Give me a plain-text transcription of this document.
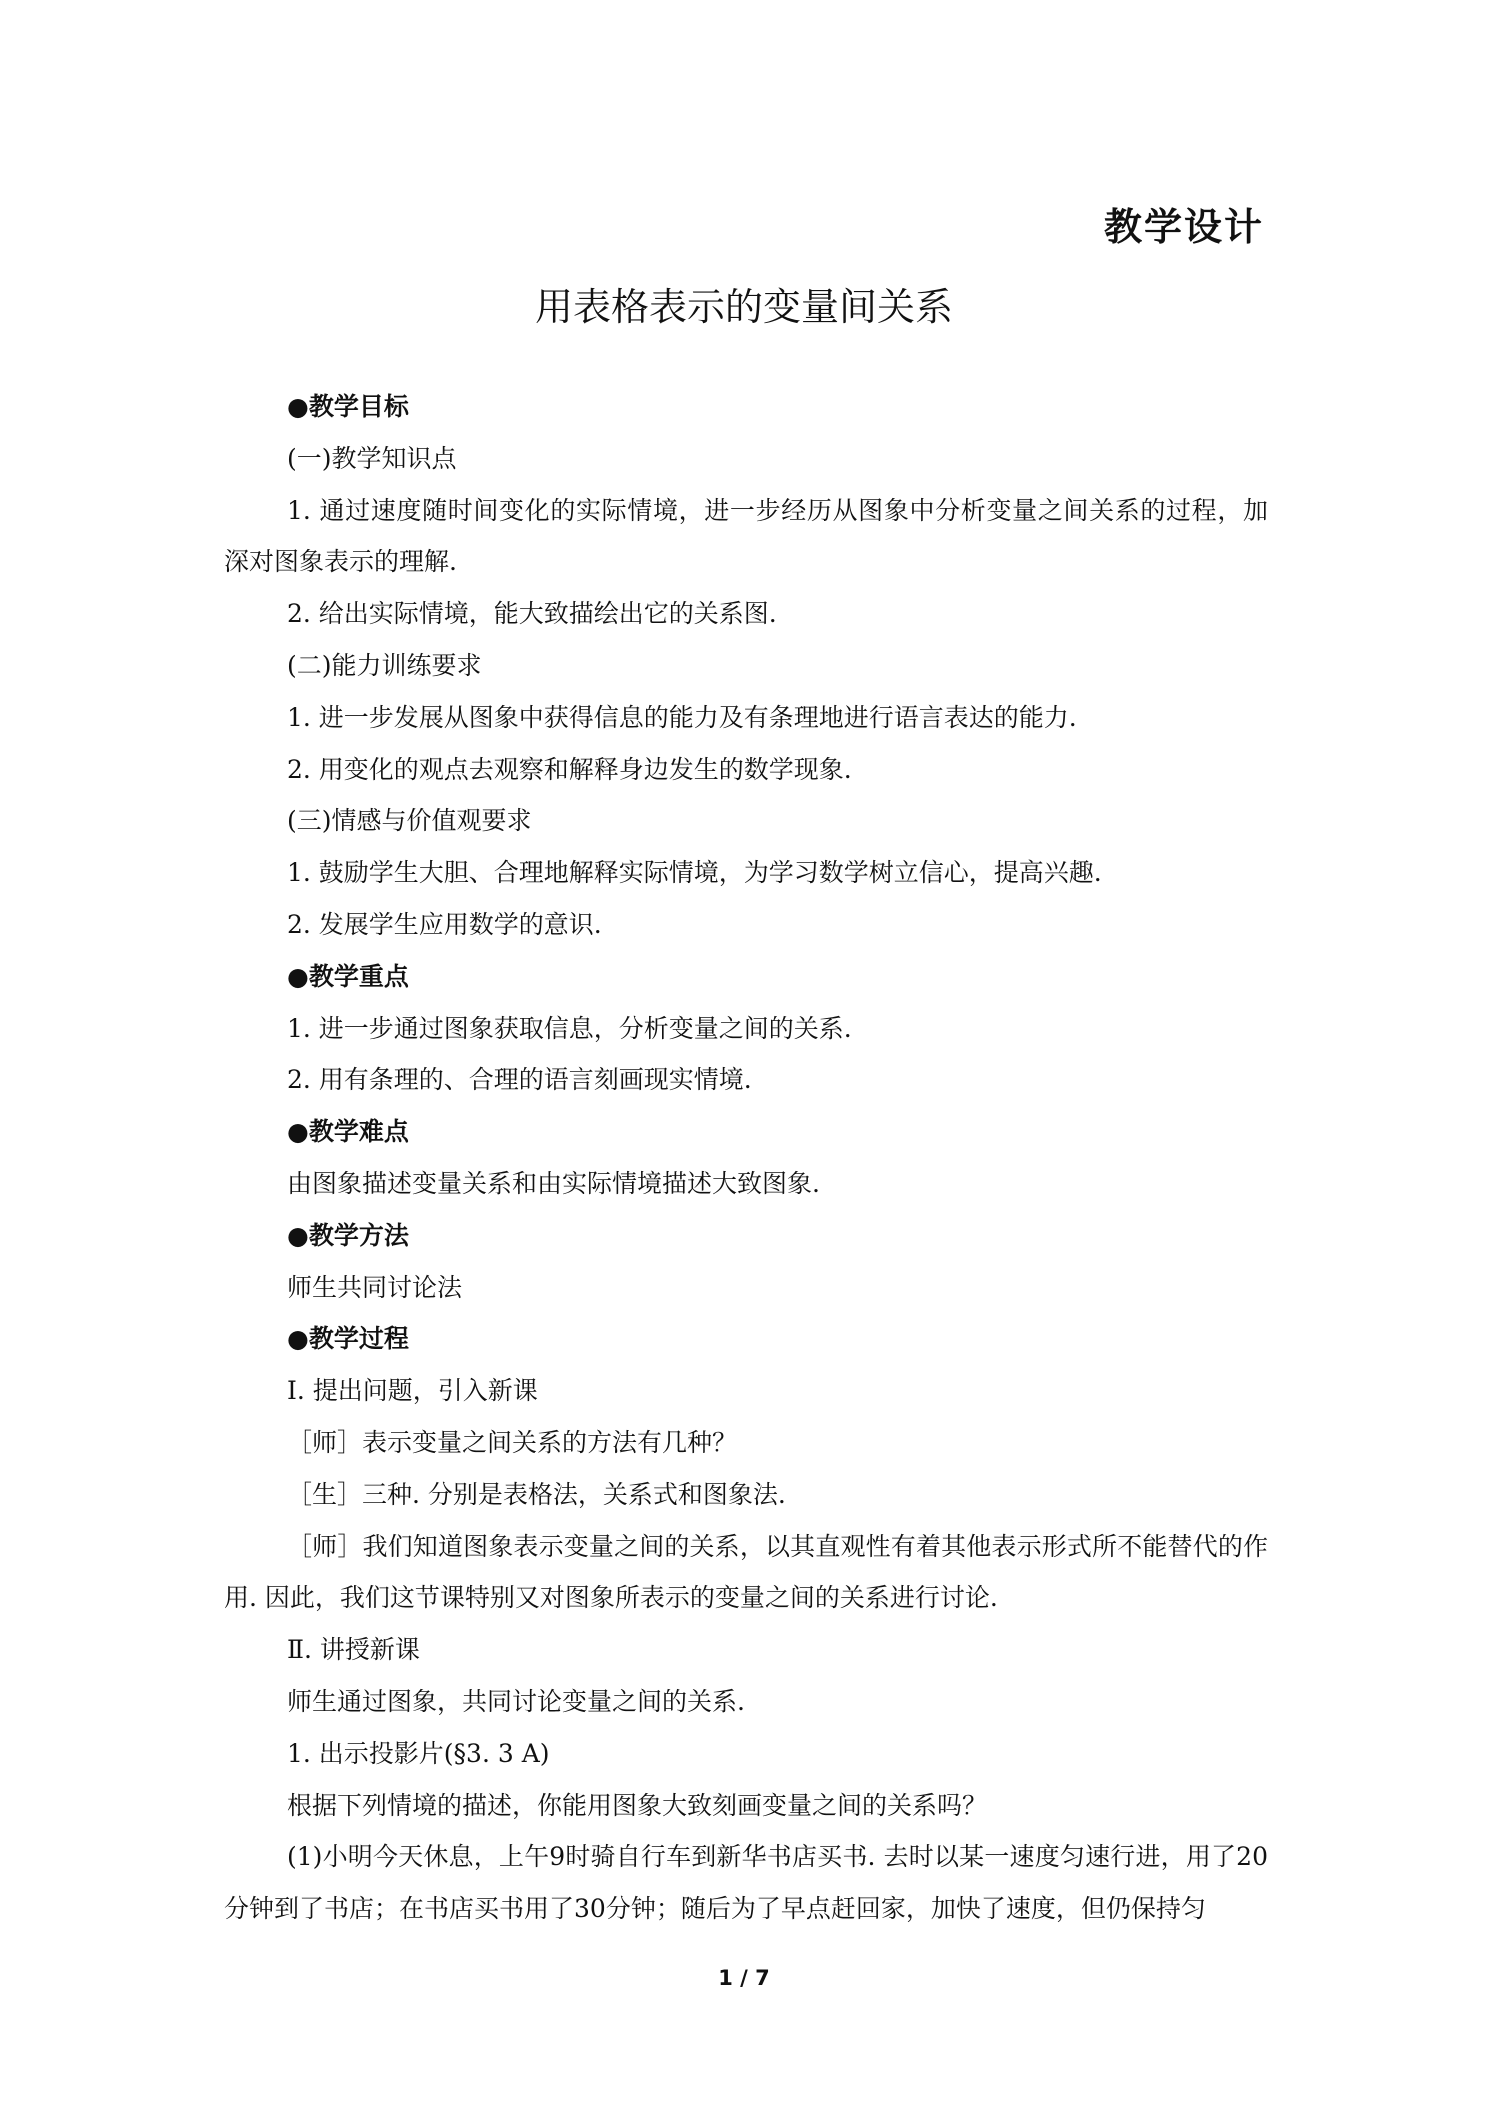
教学设计
用表格表示的变量间关系

●教学目标

(一)教学知识点

1. 通过速度随时间变化的实际情境，进一步经历从图象中分析变量之间关系的过程，加深对图象表示的理解.

2. 给出实际情境，能大致描绘出它的关系图.

(二)能力训练要求

1. 进一步发展从图象中获得信息的能力及有条理地进行语言表达的能力.

2. 用变化的观点去观察和解释身边发生的数学现象.

(三)情感与价值观要求

1. 鼓励学生大胆、合理地解释实际情境，为学习数学树立信心，提高兴趣.

2. 发展学生应用数学的意识.

●教学重点

1. 进一步通过图象获取信息，分析变量之间的关系.

2. 用有条理的、合理的语言刻画现实情境.

●教学难点

由图象描述变量关系和由实际情境描述大致图象.

●教学方法

师生共同讨论法

●教学过程

Ⅰ. 提出问题，引入新课

［师］表示变量之间关系的方法有几种？

［生］三种. 分别是表格法，关系式和图象法.

［师］我们知道图象表示变量之间的关系，以其直观性有着其他表示形式所不能替代的作用. 因此，我们这节课特别又对图象所表示的变量之间的关系进行讨论.

Ⅱ. 讲授新课

师生通过图象，共同讨论变量之间的关系.

1. 出示投影片(§3. 3 A)

根据下列情境的描述，你能用图象大致刻画变量之间的关系吗？

(1)小明今天休息，上午9时骑自行车到新华书店买书. 去时以某一速度匀速行进，用了20分钟到了书店；在书店买书用了30分钟；随后为了早点赶回家，加快了速度，但仍保持匀

1 / 7
